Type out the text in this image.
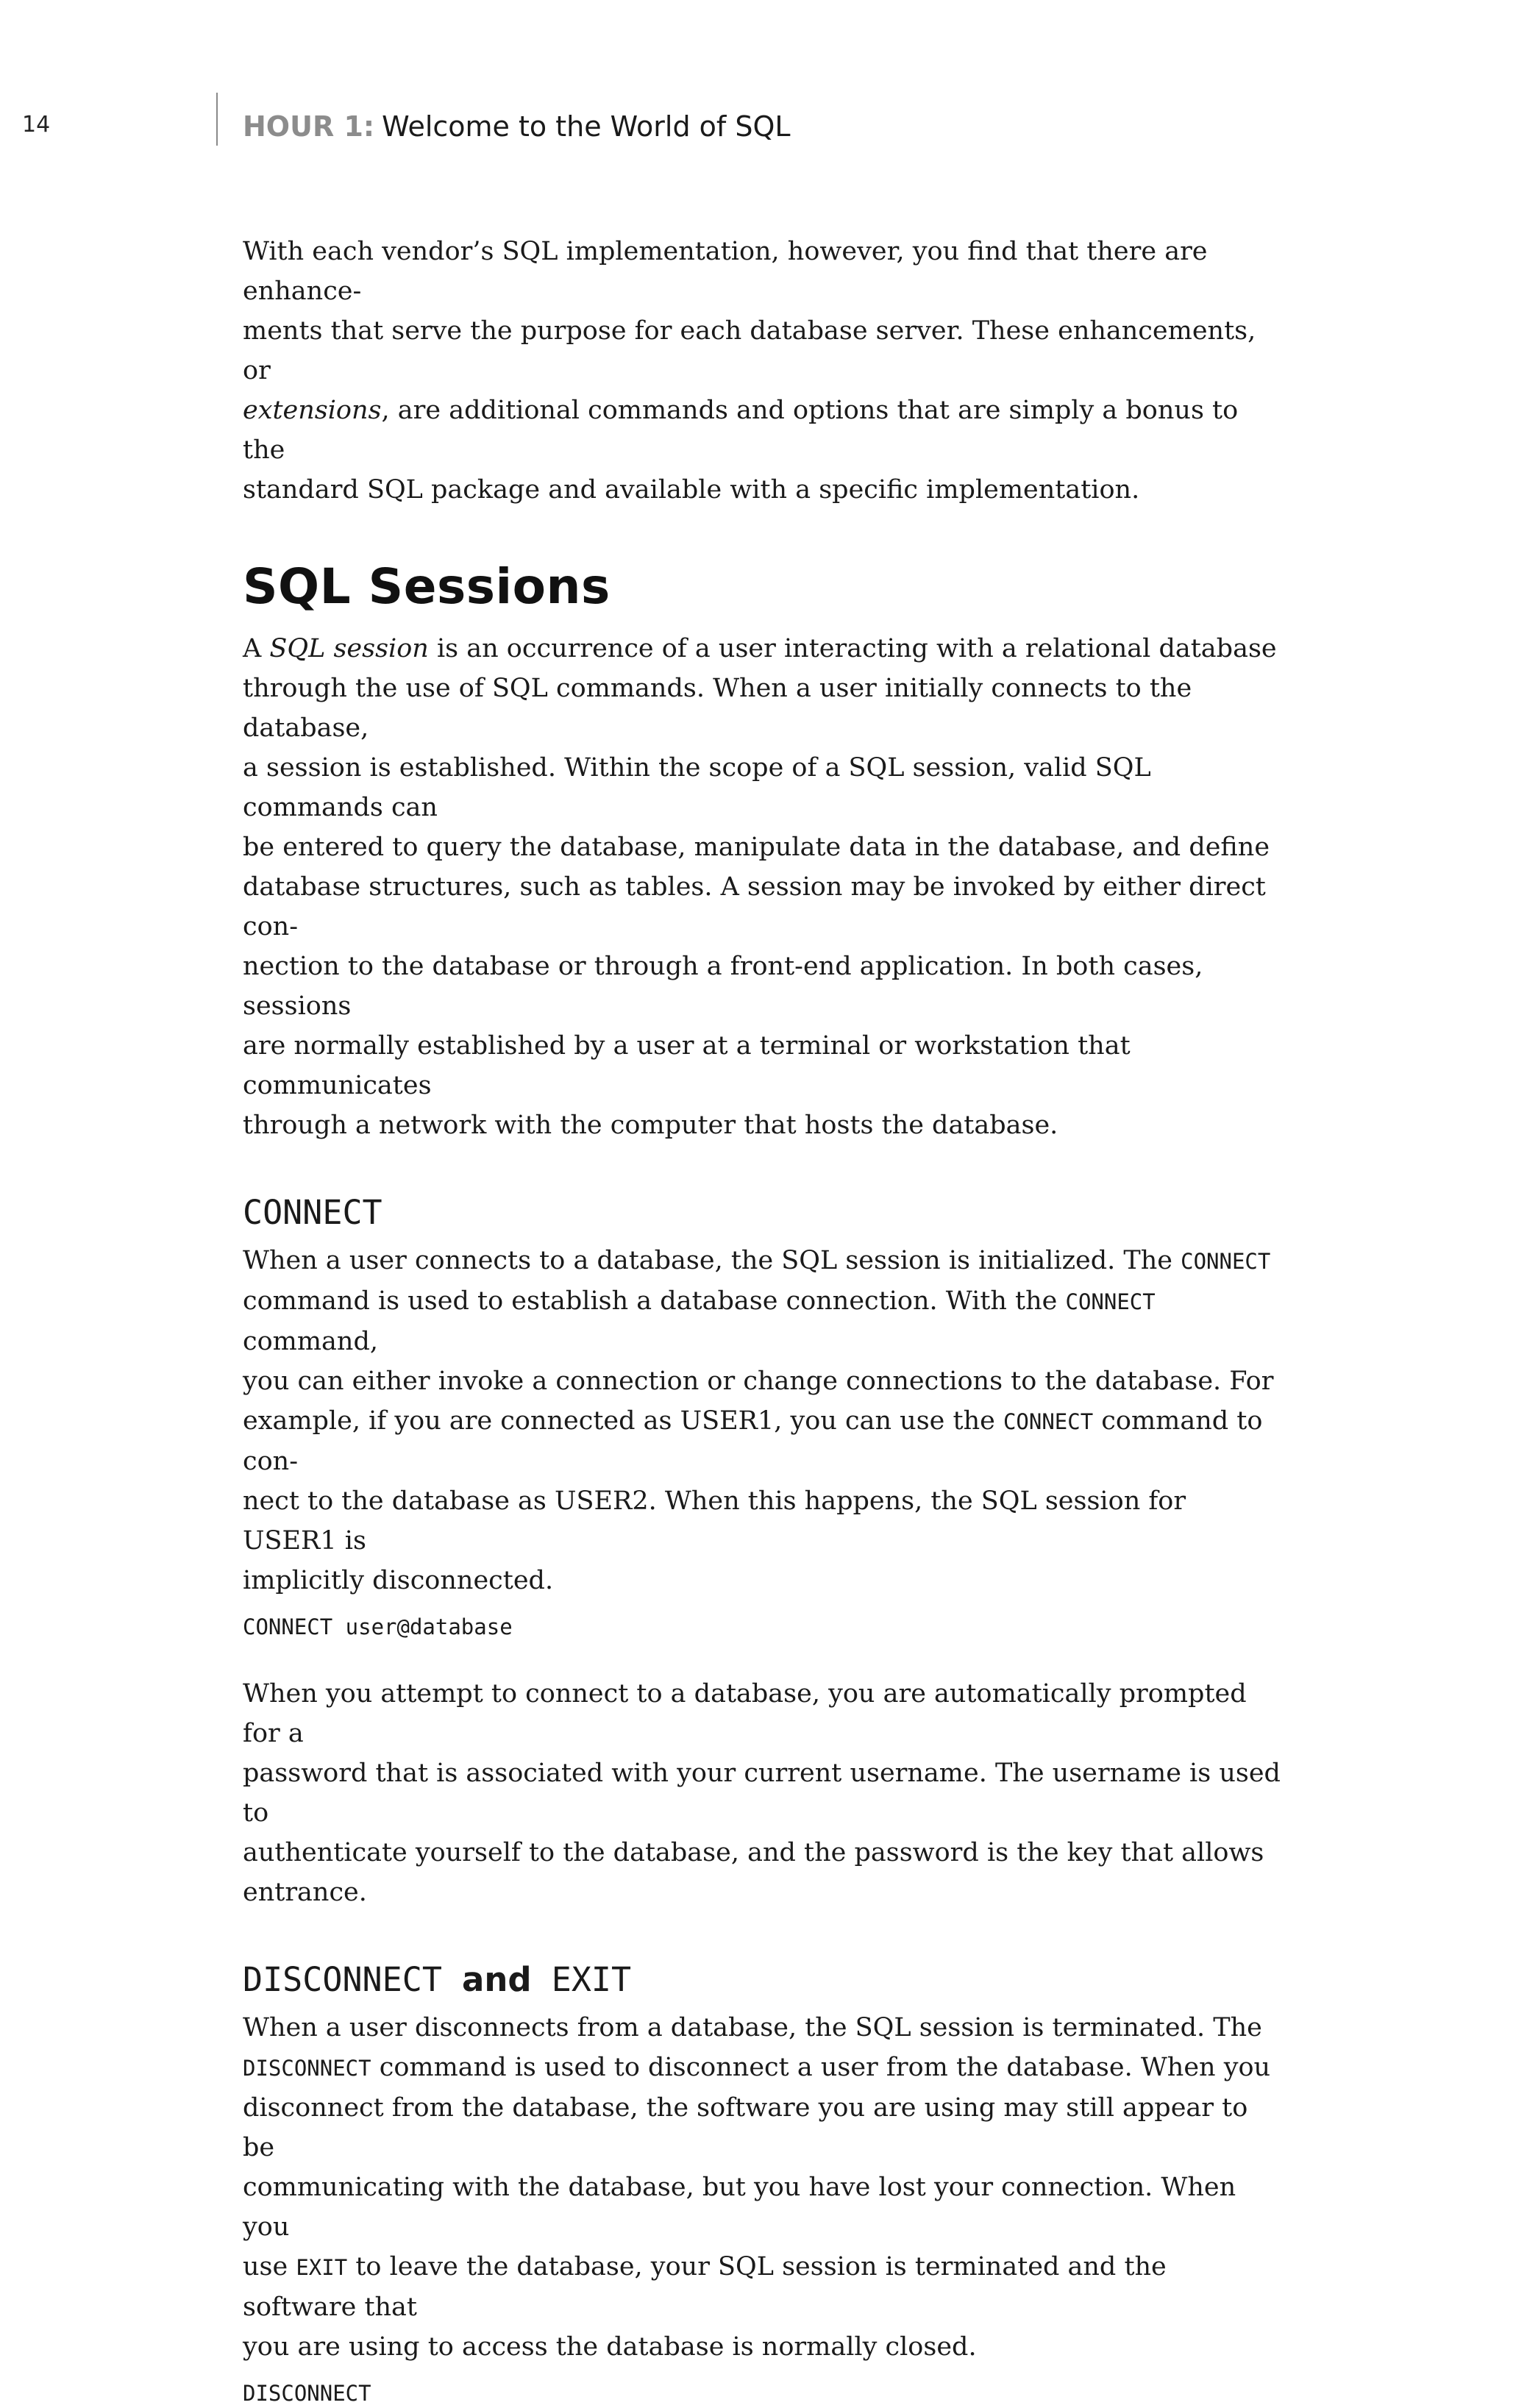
14	HOUR 1: Welcome to the World of SQL

With each vendor’s SQL implementation, however, you find that there are enhance-
ments that serve the purpose for each database server. These enhancements, or
extensions, are additional commands and options that are simply a bonus to the
standard SQL package and available with a specific implementation.

SQL Sessions

A SQL session is an occurrence of a user interacting with a relational database
through the use of SQL commands. When a user initially connects to the database,
a session is established. Within the scope of a SQL session, valid SQL commands can
be entered to query the database, manipulate data in the database, and define
database structures, such as tables. A session may be invoked by either direct con-
nection to the database or through a front-end application. In both cases, sessions
are normally established by a user at a terminal or workstation that communicates
through a network with the computer that hosts the database.

CONNECT

When a user connects to a database, the SQL session is initialized. The CONNECT
command is used to establish a database connection. With the CONNECT command,
you can either invoke a connection or change connections to the database. For
example, if you are connected as USER1, you can use the CONNECT command to con-
nect to the database as USER2. When this happens, the SQL session for USER1 is
implicitly disconnected.

CONNECT user@database

When you attempt to connect to a database, you are automatically prompted for a
password that is associated with your current username. The username is used to
authenticate yourself to the database, and the password is the key that allows
entrance.

DISCONNECT and EXIT

When a user disconnects from a database, the SQL session is terminated. The
DISCONNECT command is used to disconnect a user from the database. When you
disconnect from the database, the software you are using may still appear to be
communicating with the database, but you have lost your connection. When you
use EXIT to leave the database, your SQL session is terminated and the software that
you are using to access the database is normally closed.

DISCONNECT
